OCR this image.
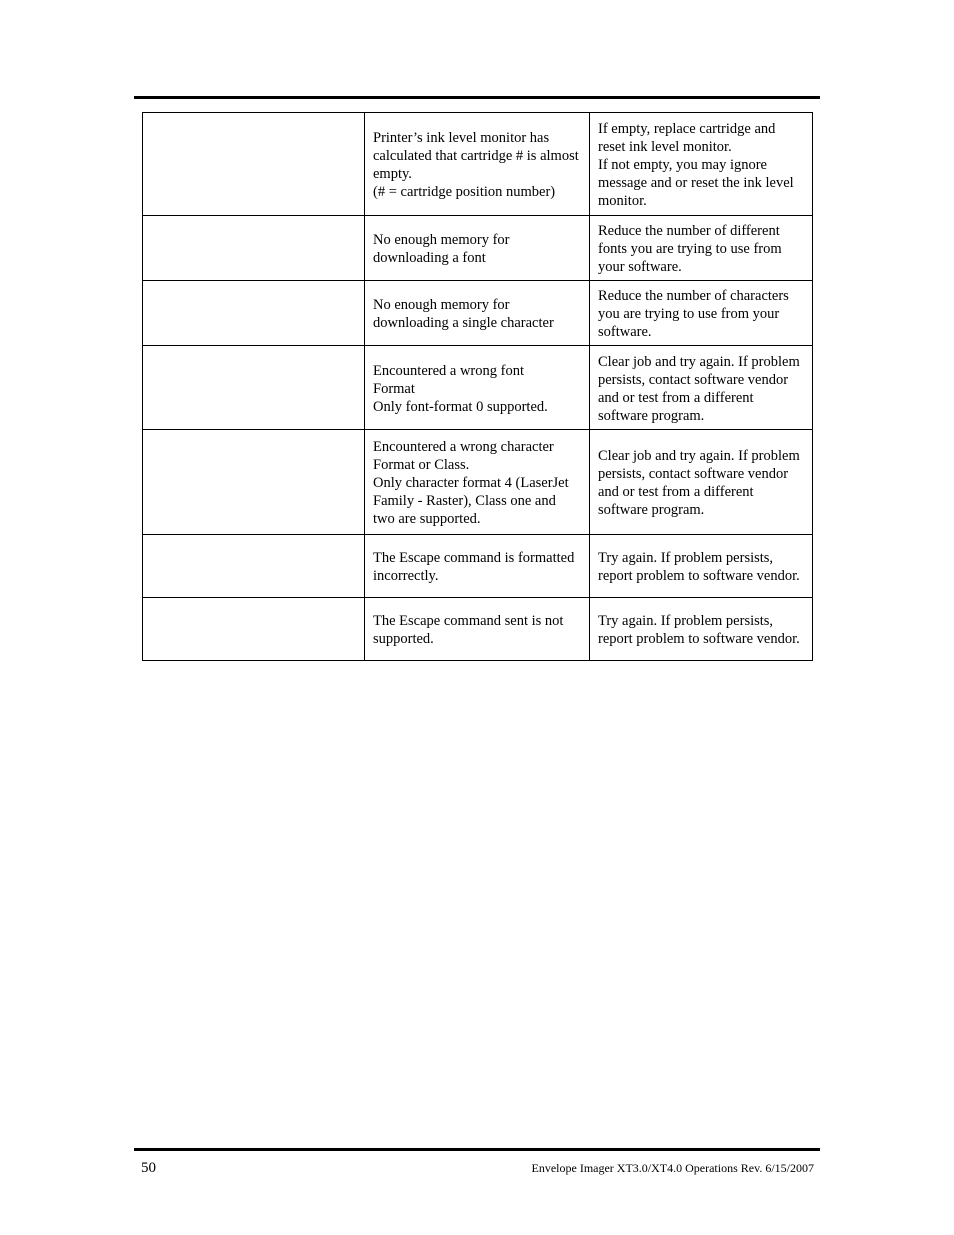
	Printer’s ink level monitor has calculated that cartridge # is almost empty.
(# = cartridge position number)	If empty, replace cartridge and reset ink level monitor.
If not empty, you may ignore message and or reset the ink level monitor.
	No enough memory for downloading a font	Reduce the number of different fonts you are trying to use from your software.
	No enough memory for downloading a single character	Reduce the number of characters you are trying to use from your software.
	Encountered a wrong font
Format
Only font-format 0 supported.	Clear job and try again. If problem persists, contact software vendor and or test from a different software program.
	Encountered a wrong character Format or Class.
Only character format 4 (LaserJet Family - Raster), Class one and two are supported.	Clear job and try again. If problem persists, contact software vendor and or test from a different software program.
	The Escape command is formatted incorrectly.	Try again. If problem persists, report problem to software vendor.
	The Escape command sent is not supported.	Try again. If problem persists, report problem to software vendor.
50	Envelope Imager XT3.0/XT4.0 Operations Rev. 6/15/2007
